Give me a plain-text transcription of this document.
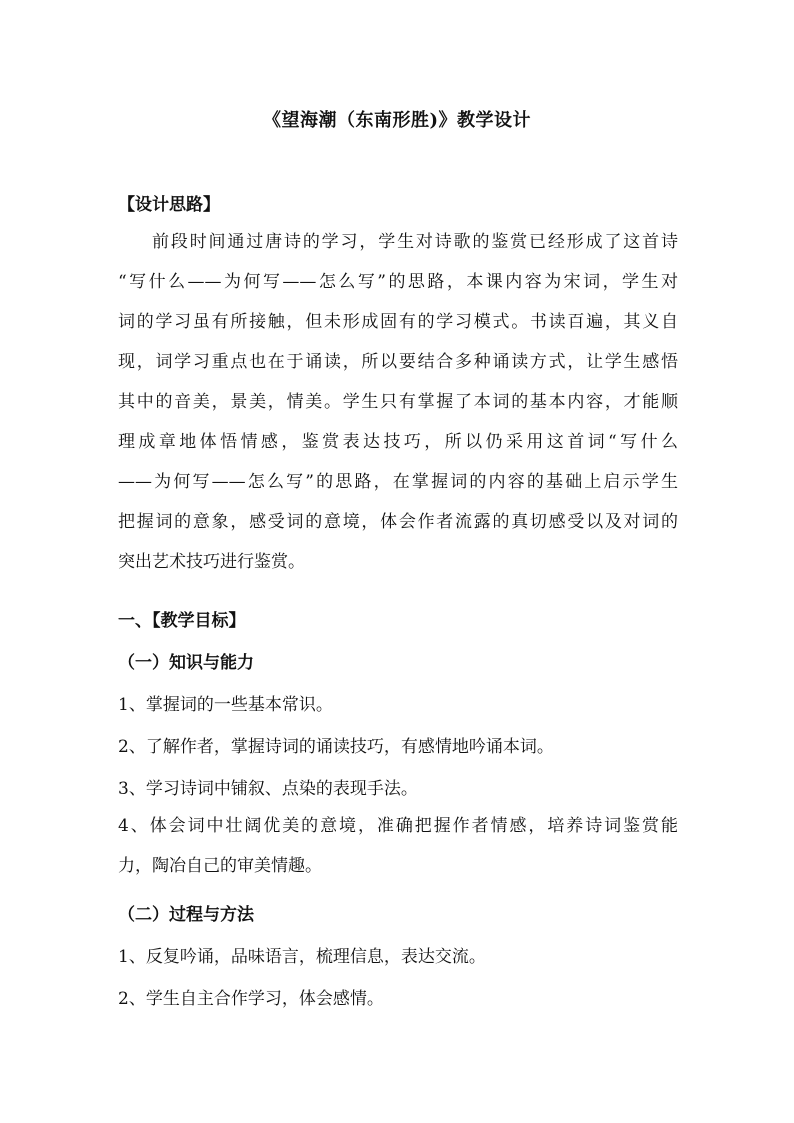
《望海潮（东南形胜)》教学设计
【设计思路】
前段时间通过唐诗的学习，学生对诗歌的鉴赏已经形成了这首诗
“写什么——为何写——怎么写”的思路，本课内容为宋词，学生对
词的学习虽有所接触，但未形成固有的学习模式。书读百遍，其义自
现，词学习重点也在于诵读，所以要结合多种诵读方式，让学生感悟
其中的音美，景美，情美。学生只有掌握了本词的基本内容，才能顺
理成章地体悟情感，鉴赏表达技巧，所以仍采用这首词“写什么
——为何写——怎么写”的思路，在掌握词的内容的基础上启示学生
把握词的意象，感受词的意境，体会作者流露的真切感受以及对词的
突出艺术技巧进行鉴赏。
一、【教学目标】
（一）知识与能力
1、掌握词的一些基本常识。
2、了解作者，掌握诗词的诵读技巧，有感情地吟诵本词。
3、学习诗词中铺叙、点染的表现手法。
4、体会词中壮阔优美的意境，准确把握作者情感，培养诗词鉴赏能
力，陶冶自己的审美情趣。
（二）过程与方法
1、反复吟诵，品味语言，梳理信息，表达交流。
2、学生自主合作学习，体会感情。
